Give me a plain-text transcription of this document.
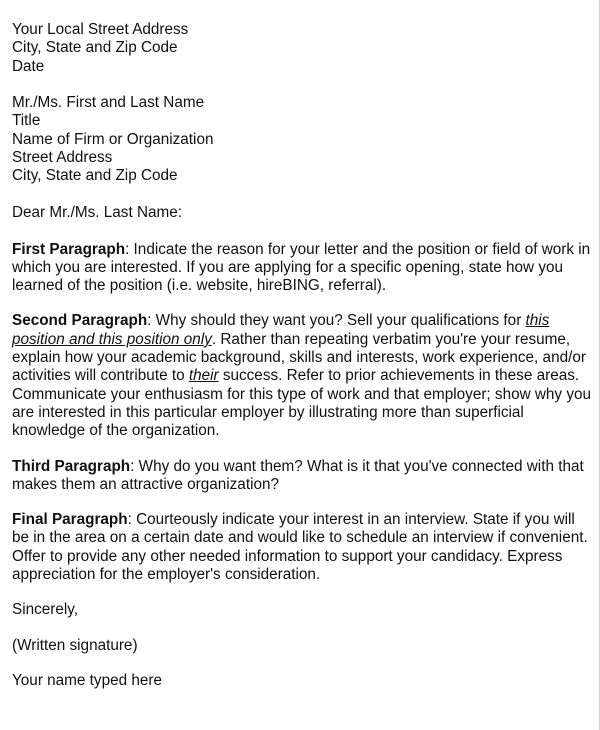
Your Local Street Address
City, State and Zip Code
Date
Mr./Ms. First and Last Name
Title
Name of Firm or Organization
Street Address
City, State and Zip Code
Dear Mr./Ms. Last Name:
First Paragraph: Indicate the reason for your letter and the position or field of work in which you are interested. If you are applying for a specific opening, state how you learned of the position (i.e. website, hireBING, referral).
Second Paragraph: Why should they want you? Sell your qualifications for this position and this position only. Rather than repeating verbatim you're your resume, explain how your academic background, skills and interests, work experience, and/or activities will contribute to their success. Refer to prior achievements in these areas. Communicate your enthusiasm for this type of work and that employer; show why you are interested in this particular employer by illustrating more than superficial knowledge of the organization.
Third Paragraph: Why do you want them? What is it that you've connected with that makes them an attractive organization?
Final Paragraph: Courteously indicate your interest in an interview. State if you will be in the area on a certain date and would like to schedule an interview if convenient. Offer to provide any other needed information to support your candidacy. Express appreciation for the employer's consideration.
Sincerely,
(Written signature)
Your name typed here
